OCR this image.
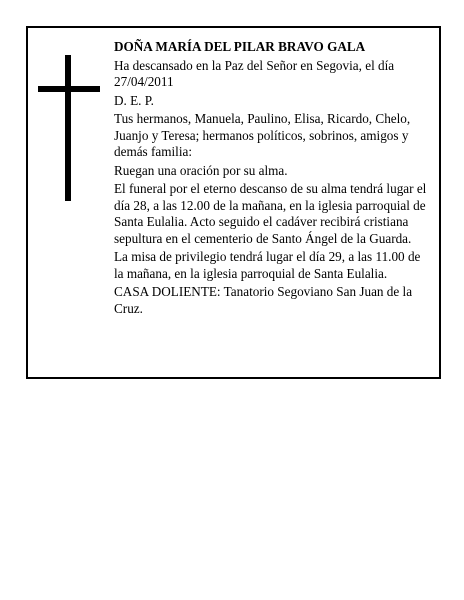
DOÑA MARÍA DEL PILAR BRAVO GALA

Ha descansado en la Paz del Señor en Segovia, el día 27/04/2011

D. E. P.

Tus hermanos, Manuela, Paulino, Elisa, Ricardo, Chelo, Juanjo y Teresa; hermanos políticos, sobrinos, amigos y demás familia:

Ruegan una oración por su alma.

El funeral por el eterno descanso de su alma tendrá lugar el día 28, a las 12.00 de la mañana, en la iglesia parroquial de Santa Eulalia. Acto seguido el cadáver recibirá cristiana sepultura en el cementerio de Santo Ángel de la Guarda.

La misa de privilegio tendrá lugar el día 29, a las 11.00 de la mañana, en la iglesia parroquial de Santa Eulalia.

CASA DOLIENTE: Tanatorio Segoviano San Juan de la Cruz.
